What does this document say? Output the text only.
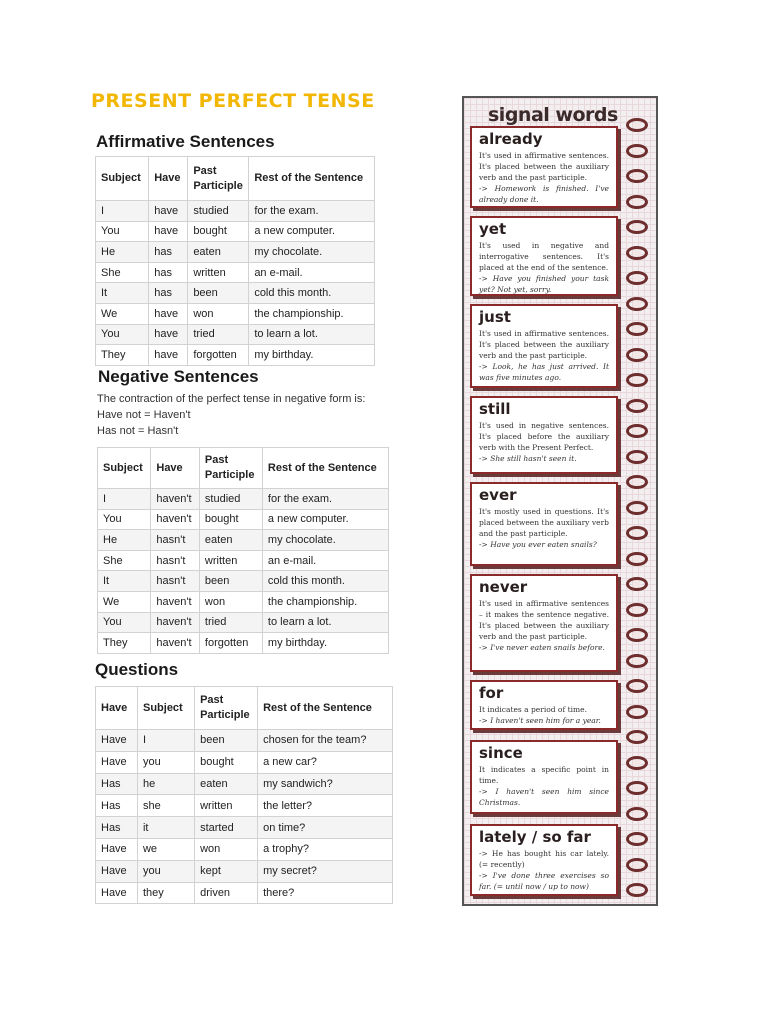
PRESENT PERFECT TENSE
Affirmative Sentences
Subject	Have	Past Participle	Rest of the Sentence
I	have	studied	for the exam.
You	have	bought	a new computer.
He	has	eaten	my chocolate.
She	has	written	an e-mail.
It	has	been	cold this month.
We	have	won	the championship.
You	have	tried	to learn a lot.
They	have	forgotten	my birthday.
Negative Sentences
The contraction of the perfect tense in negative form is:
Have not = Haven't
Has not = Hasn't
Subject	Have	Past Participle	Rest of the Sentence
I	haven't	studied	for the exam.
You	haven't	bought	a new computer.
He	hasn't	eaten	my chocolate.
She	hasn't	written	an e-mail.
It	hasn't	been	cold this month.
We	haven't	won	the championship.
You	haven't	tried	to learn a lot.
They	haven't	forgotten	my birthday.
Questions
Have	Subject	Past Participle	Rest of the Sentence
Have	I	been	chosen for the team?
Have	you	bought	a new car?
Has	he	eaten	my sandwich?
Has	she	written	the letter?
Has	it	started	on time?
Have	we	won	a trophy?
Have	you	kept	my secret?
Have	they	driven	there?
signal words
already

It's used in affirmative sentences. It's placed between the auxiliary verb and the past participle.

-> Homework is finished. I've already done it.

yet

It's used in negative and interrogative sentences. It's placed at the end of the sentence.

-> Have you finished your task yet? Not yet, sorry.

just

It's used in affirmative sentences. It's placed between the auxiliary verb and the past participle.

-> Look, he has just arrived. It was five minutes ago.

still

It's used in negative sentences. It's placed before the auxiliary verb with the Present Perfect.

-> She still hasn't seen it.

ever

It's mostly used in questions. It's placed between the auxiliary verb and the past participle.

-> Have you ever eaten snails?

never

It's used in affirmative sentences – it makes the sentence negative. It's placed between the auxiliary verb and the past participle.

-> I've never eaten snails before.

for

It indicates a period of time.

-> I haven't seen him for a year.

since

It indicates a specific point in time.

-> I haven't seen him since Christmas.

lately / so far

-> He has bought his car lately. (= recently)

-> I've done three exercises so far. (= until now / up to now)
